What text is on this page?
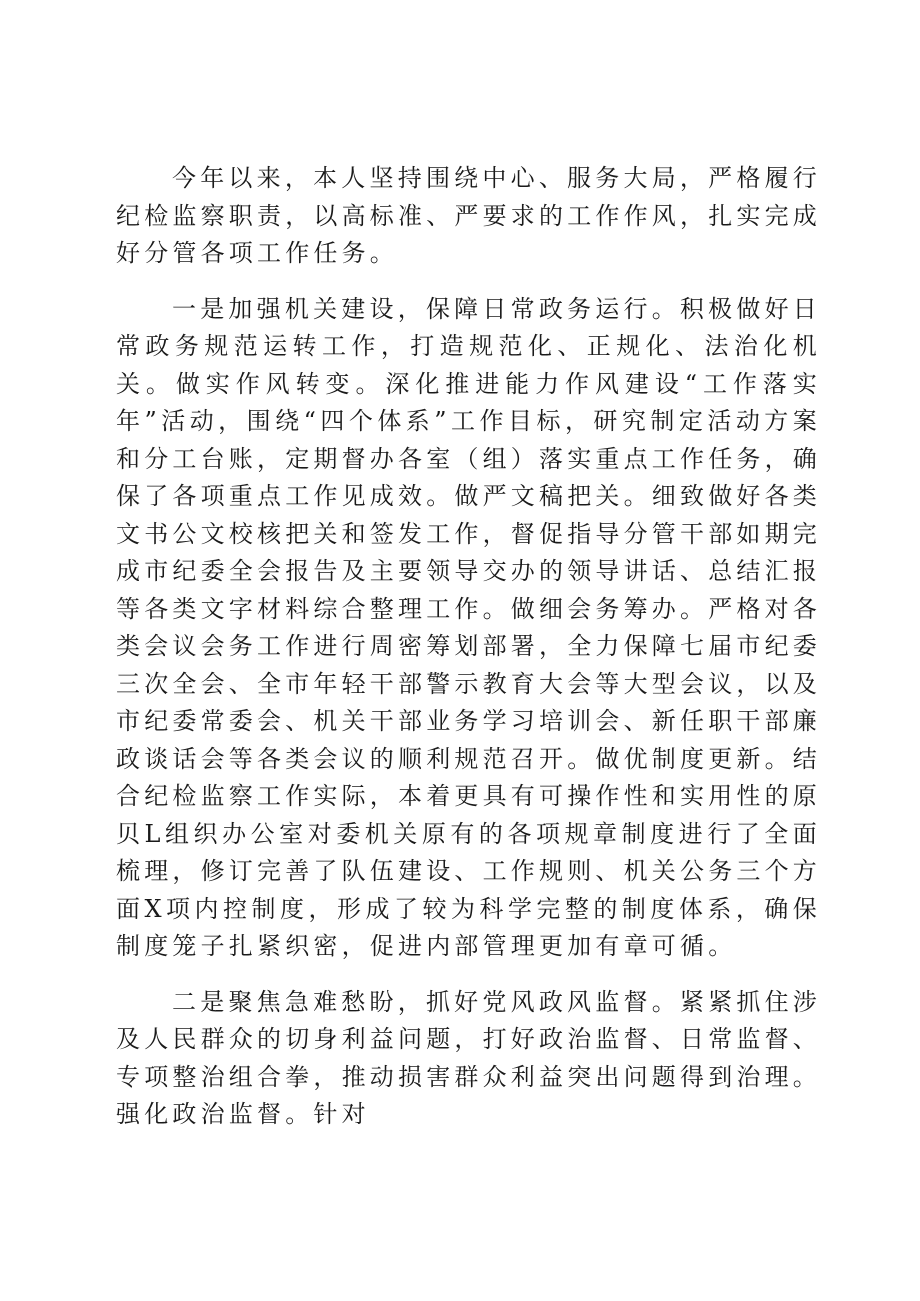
今年以来，本人坚持围绕中心、服务大局，严格履行纪检监察职责，以高标准、严要求的工作作风，扎实完成好分管各项工作任务。

一是加强机关建设，保障日常政务运行。积极做好日常政务规范运转工作，打造规范化、正规化、法治化机关。做实作风转变。深化推进能力作风建设“工作落实年”活动，围绕“四个体系”工作目标，研究制定活动方案和分工台账，定期督办各室（组）落实重点工作任务，确保了各项重点工作见成效。做严文稿把关。细致做好各类文书公文校核把关和签发工作，督促指导分管干部如期完成市纪委全会报告及主要领导交办的领导讲话、总结汇报等各类文字材料综合整理工作。做细会务筹办。严格对各类会议会务工作进行周密筹划部署，全力保障七届市纪委三次全会、全市年轻干部警示教育大会等大型会议，以及市纪委常委会、机关干部业务学习培训会、新任职干部廉政谈话会等各类会议的顺利规范召开。做优制度更新。结合纪检监察工作实际，本着更具有可操作性和实用性的原贝L组织办公室对委机关原有的各项规章制度进行了全面梳理，修订完善了队伍建设、工作规则、机关公务三个方面X项内控制度，形成了较为科学完整的制度体系，确保制度笼子扎紧织密，促进内部管理更加有章可循。

二是聚焦急难愁盼，抓好党风政风监督。紧紧抓住涉及人民群众的切身利益问题，打好政治监督、日常监督、专项整治组合拳，推动损害群众利益突出问题得到治理。强化政治监督。针对
